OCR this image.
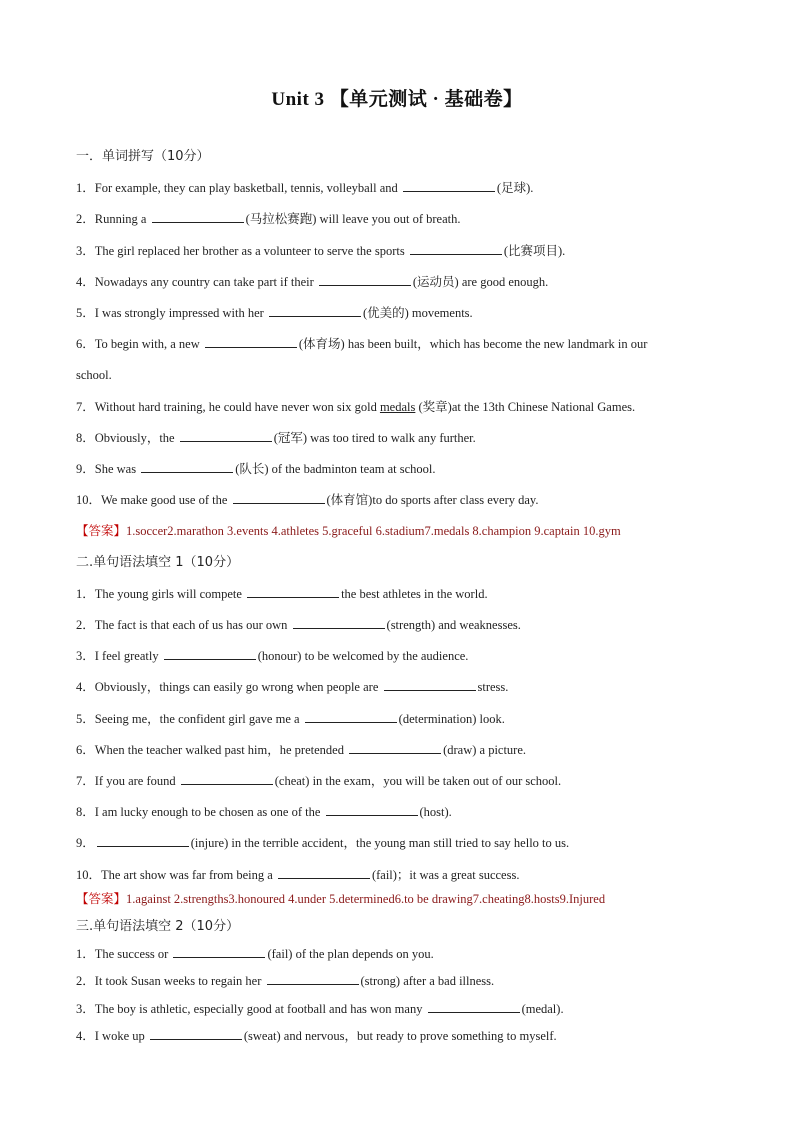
Unit 3 【单元测试 · 基础卷】
一．单词拼写（10分）
1．For example, they can play basketball, tennis, volleyball and	(足球).
2．Running a	(马拉松赛跑) will leave you out of breath.
3．The girl replaced her brother as a volunteer to serve the sports	(比赛项目).
4．Nowadays any country can take part if their	(运动员) are good enough.
5．I was strongly impressed with her	(优美的) movements.
6．To begin with, a new	(体育场) has been built，which has become the new landmark in our
school.
7．Without hard training, he could have never won six gold medals (奖章)at the 13th Chinese National Games.
8．Obviously，the	(冠军) was too tired to walk any further.
9．She was	(队长) of the badminton team at school.
10．We make good use of the	(体育馆)to do sports after class every day.
【答案】1.soccer2.marathon 3.events 4.athletes 5.graceful 6.stadium7.medals 8.champion 9.captain 10.gym
二.单句语法填空 1（10分）
1．The young girls will compete	the best athletes in the world.
2．The fact is that each of us has our own	(strength) and weaknesses.
3．I feel greatly	(honour) to be welcomed by the audience.
4．Obviously，things can easily go wrong when people are	stress.
5．Seeing me，the confident girl gave me a	(determination) look.
6．When the teacher walked past him，he pretended	(draw) a picture.
7．If you are found	(cheat) in the exam，you will be taken out of our school.
8．I am lucky enough to be chosen as one of the	(host).
9．	(injure) in the terrible accident，the young man still tried to say hello to us.
10．The art show was far from being a	(fail)；it was a great success.
【答案】1.against 2.strengths3.honoured 4.under 5.determined6.to be drawing7.cheating8.hosts9.Injured
三.单句语法填空 2（10分）
1．The success or	(fail) of the plan depends on you.
2．It took Susan weeks to regain her	(strong) after a bad illness.
3．The boy is athletic, especially good at football and has won many	(medal).
4．I woke up	(sweat) and nervous，but ready to prove something to myself.
